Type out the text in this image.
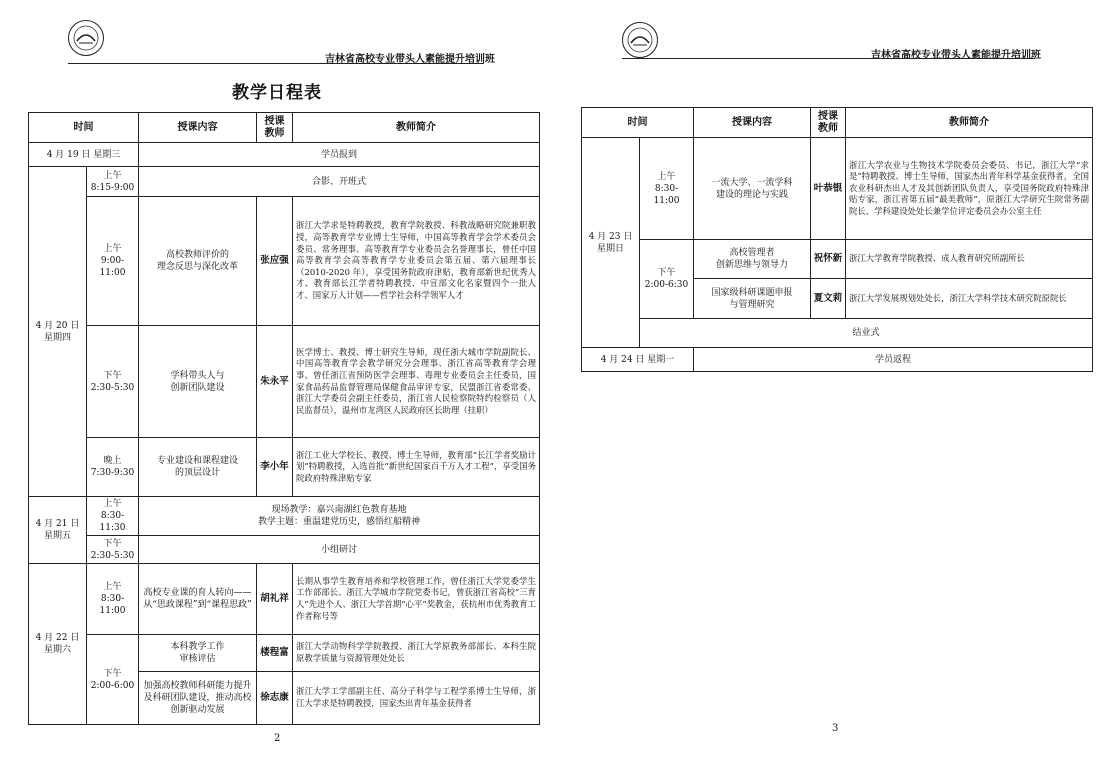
吉林省高校专业带头人素能提升培训班
教学日程表
时间		授课内容	授课
教师	教师简介
4 月 19 日 星期三		学员报到		
4 月 20 日
星期四	上午
8:15-9:00	合影、开班式		
	上午
9:00-11:00	高校教师评价的
理念反思与深化改革	张应强	浙江大学求是特聘教授，教育学院教授、科教战略研究院兼职教授，高等教育学专业博士生导师，中国高等教育学会学术委员会委员、常务理事、高等教育学专业委员会名誉理事长，曾任中国高等教育学会高等教育学专业委员会第五届、第六届理事长（2010-2020 年），享受国务院政府津贴，教育部新世纪优秀人才、教育部长江学者特聘教授、中宣部文化名家暨四个一批人才、国家万人计划——哲学社会科学领军人才
	下午
2:30-5:30	学科带头人与
创新团队建设	朱永平	医学博士、教授、博士研究生导师，现任浙大城市学院副院长、中国高等教育学会教学研究分会理事、浙江省高等教育学会理事。曾任浙江省预防医学会理事、毒理专业委员会主任委员，国家食品药品监督管理局保健食品审评专家，民盟浙江省委常委、浙江大学委员会副主任委员，浙江省人民检察院特约检察员（人民监督员），温州市龙湾区人民政府区长助理（挂职）
	晚上
7:30-9:30	专业建设和课程建设
的顶层设计	李小年	浙江工业大学校长、教授、博士生导师，教育部“长江学者奖励计划”特聘教授，入选首批“新世纪国家百千万人才工程”，享受国务院政府特殊津贴专家
4 月 21 日
星期五	上午
8:30-11:30	现场教学：嘉兴南湖红色教育基地
教学主题：重温建党历史，感悟红船精神		
	下午
2:30-5:30	小组研讨		
4 月 22 日
星期六	上午
8:30-11:00	高校专业课的育人转向——从“思政课程”到“课程思政”	胡礼祥	长期从事学生教育培养和学校管理工作，曾任浙江大学党委学生工作部部长、浙江大学城市学院党委书记，曾获浙江省高校“三育人”先进个人、浙江大学首期“心平”奖教金，获杭州市优秀教育工作者称号等
	下午
2:00-6:00	本科教学工作
审核评估	楼程富	浙江大学动物科学学院教授、浙江大学原教务部部长、本科生院原教学质量与资源管理处处长
		加强高校教师科研能力提升及科研团队建设，推动高校创新驱动发展	徐志康	浙江大学工学部副主任、高分子科学与工程学系博士生导师，浙江大学求是特聘教授，国家杰出青年基金获得者
2
吉林省高校专业带头人素能提升培训班
时间		授课内容	授课
教师	教师简介
4 月 23 日
星期日	上午
8:30-11:00	一流大学、一流学科
建设的理论与实践	叶恭银	浙江大学农业与生物技术学院委员会委员、书记，浙江大学“求是”特聘教授、博士生导师，国家杰出青年科学基金获得者，全国农业科研杰出人才及其创新团队负责人，享受国务院政府特殊津贴专家，浙江省第五届“最美教师”，原浙江大学研究生院常务副院长、学科建设处处长兼学位评定委员会办公室主任
	下午
2:00-6:30	高校管理者
创新思维与领导力	祝怀新	浙江大学教育学院教授、成人教育研究所副所长
		国家级科研课题申报
与管理研究	夏文莉	浙江大学发展规划处处长，浙江大学科学技术研究院原院长
	结业式			
4 月 24 日 星期一		学员返程		
3
